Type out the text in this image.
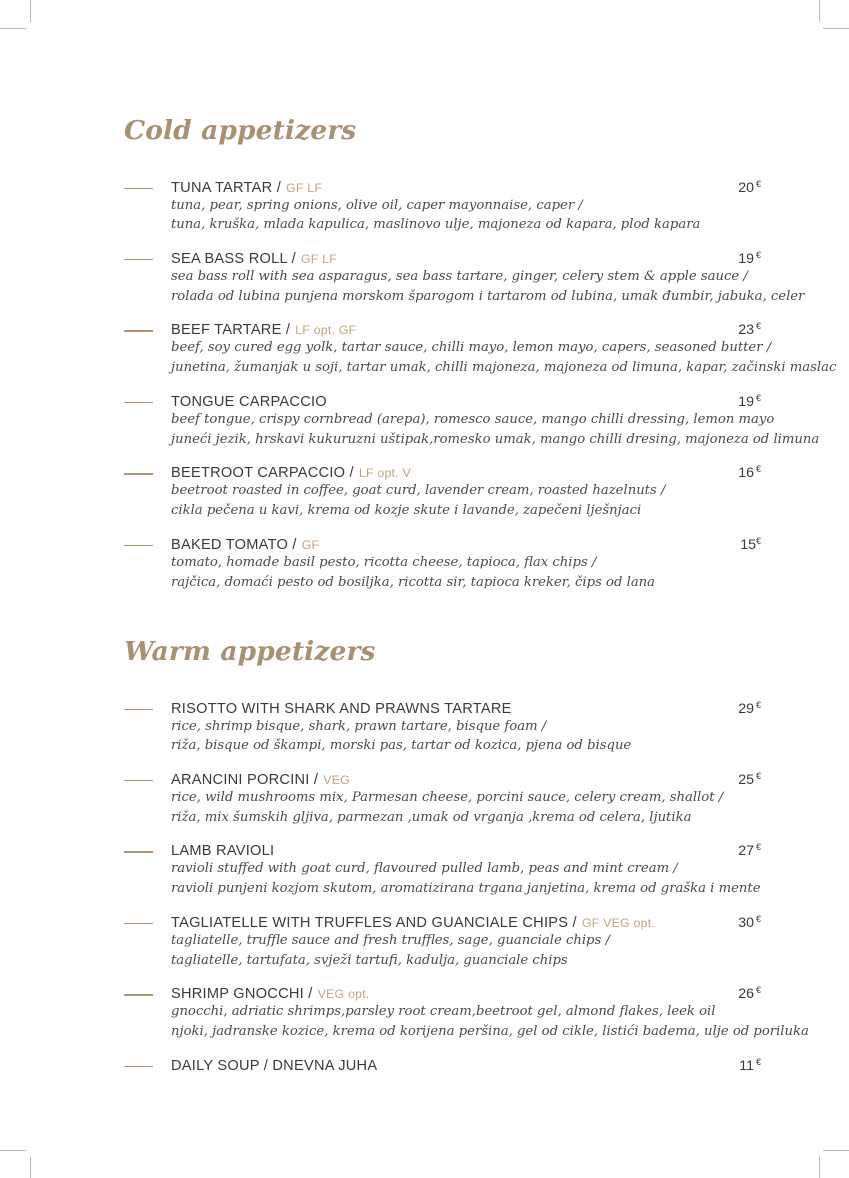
Cold appetizers
TUNA TARTAR / GF LF	20 €

tuna, pear, spring onions, olive oil, caper mayonnaise, caper /

tuna, kruška, mlada kapulica, maslinovo ulje, majoneza od kapara, plod kapara

SEA BASS ROLL / GF LF	19 €

sea bass roll with sea asparagus, sea bass tartare, ginger, celery stem & apple sauce /

rolada od lubina punjena morskom šparogom i tartarom od lubina, umak đumbir, jabuka, celer

BEEF TARTARE / LF opt. GF	23 €

beef, soy cured egg yolk, tartar sauce, chilli mayo, lemon mayo, capers, seasoned butter /

junetina, žumanjak u soji, tartar umak, chilli majoneza, majoneza od limuna, kapar, začinski maslac

TONGUE CARPACCIO	19 €

beef tongue, crispy cornbread (arepa), romesco sauce, mango chilli dressing, lemon mayo

juneći jezik, hrskavi kukuruzni uštipak,romesko umak, mango chilli dresing, majoneza od limuna

BEETROOT CARPACCIO / LF opt. V	16 €

beetroot roasted in coffee, goat curd, lavender cream, roasted hazelnuts /

cikla pečena u kavi, krema od kozje skute i lavande, zapečeni lješnjaci

BAKED TOMATO / GF	15€

tomato, homade basil pesto, ricotta cheese, tapioca, flax chips /

rajčica, domaći pesto od bosiljka, ricotta sir, tapioca kreker, čips od lana

Warm appetizers
RISOTTO WITH SHARK AND PRAWNS TARTARE	29 €

rice, shrimp bisque, shark, prawn tartare, bisque foam /

riža, bisque od škampi, morski pas, tartar od kozica, pjena od bisque

ARANCINI PORCINI / VEG	25 €

rice, wild mushrooms mix, Parmesan cheese, porcini sauce, celery cream, shallot /

riža, mix šumskih gljiva, parmezan ,umak od vrganja ,krema od celera, ljutika

LAMB RAVIOLI	27 €

ravioli stuffed with goat curd, flavoured pulled lamb, peas and mint cream /

ravioli punjeni kozjom skutom, aromatizirana trgana janjetina, krema od graška i mente

TAGLIATELLE WITH TRUFFLES AND GUANCIALE CHIPS / GF VEG opt.	30 €

tagliatelle, truffle sauce and fresh truffles, sage, guanciale chips /

tagliatelle, tartufata, svježi tartufi, kadulja, guanciale chips

SHRIMP GNOCCHI / VEG opt.	26 €

gnocchi, adriatic shrimps,parsley root cream,beetroot gel, almond flakes, leek oil

njoki, jadranske kozice, krema od korijena peršina, gel od cikle, listići badema, ulje od poriluka

DAILY SOUP / DNEVNA JUHA	11 €
